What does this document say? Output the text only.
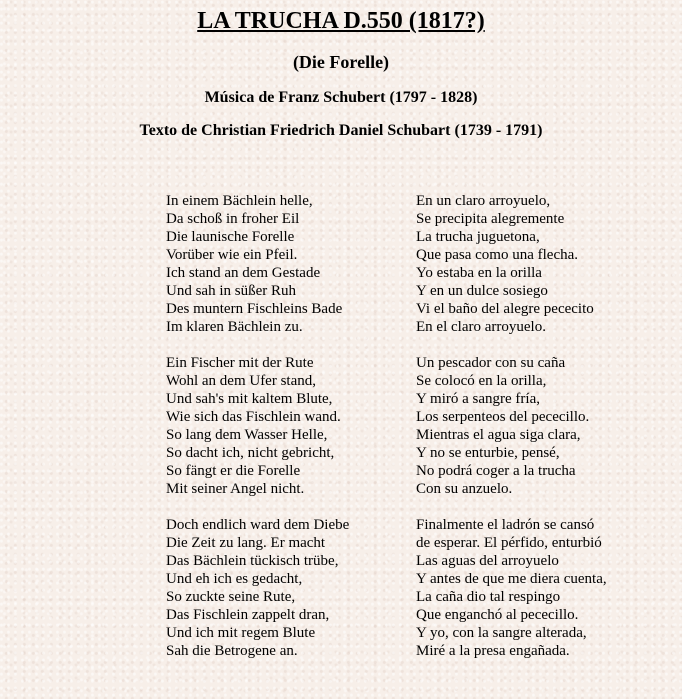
LA TRUCHA D.550 (1817?)
(Die Forelle)

Música de Franz Schubert (1797 - 1828)

Texto de Christian Friedrich Daniel Schubart (1739 - 1791)

In einem Bächlein helle,
Da schoß in froher Eil
Die launische Forelle
Vorüber wie ein Pfeil.
Ich stand an dem Gestade
Und sah in süßer Ruh
Des muntern Fischleins Bade
Im klaren Bächlein zu.
Ein Fischer mit der Rute
Wohl an dem Ufer stand,
Und sah's mit kaltem Blute,
Wie sich das Fischlein wand.
So lang dem Wasser Helle,
So dacht ich, nicht gebricht,
So fängt er die Forelle
Mit seiner Angel nicht.
Doch endlich ward dem Diebe
Die Zeit zu lang. Er macht
Das Bächlein tückisch trübe,
Und eh ich es gedacht,
So zuckte seine Rute,
Das Fischlein zappelt dran,
Und ich mit regem Blute
Sah die Betrogene an.
En un claro arroyuelo,
Se precipita alegremente
La trucha juguetona,
Que pasa como una flecha.
Yo estaba en la orilla
Y en un dulce sosiego
Vi el baño del alegre pececito
En el claro arroyuelo.
Un pescador con su caña
Se colocó en la orilla,
Y miró a sangre fría,
Los serpenteos del pececillo.
Mientras el agua siga clara,
Y no se enturbie, pensé,
No podrá coger a la trucha
Con su anzuelo.
Finalmente el ladrón se cansó
de esperar. El pérfido, enturbió
Las aguas del arroyuelo
Y antes de que me diera cuenta,
La caña dio tal respingo
Que enganchó al pececillo.
Y yo, con la sangre alterada,
Miré a la presa engañada.
